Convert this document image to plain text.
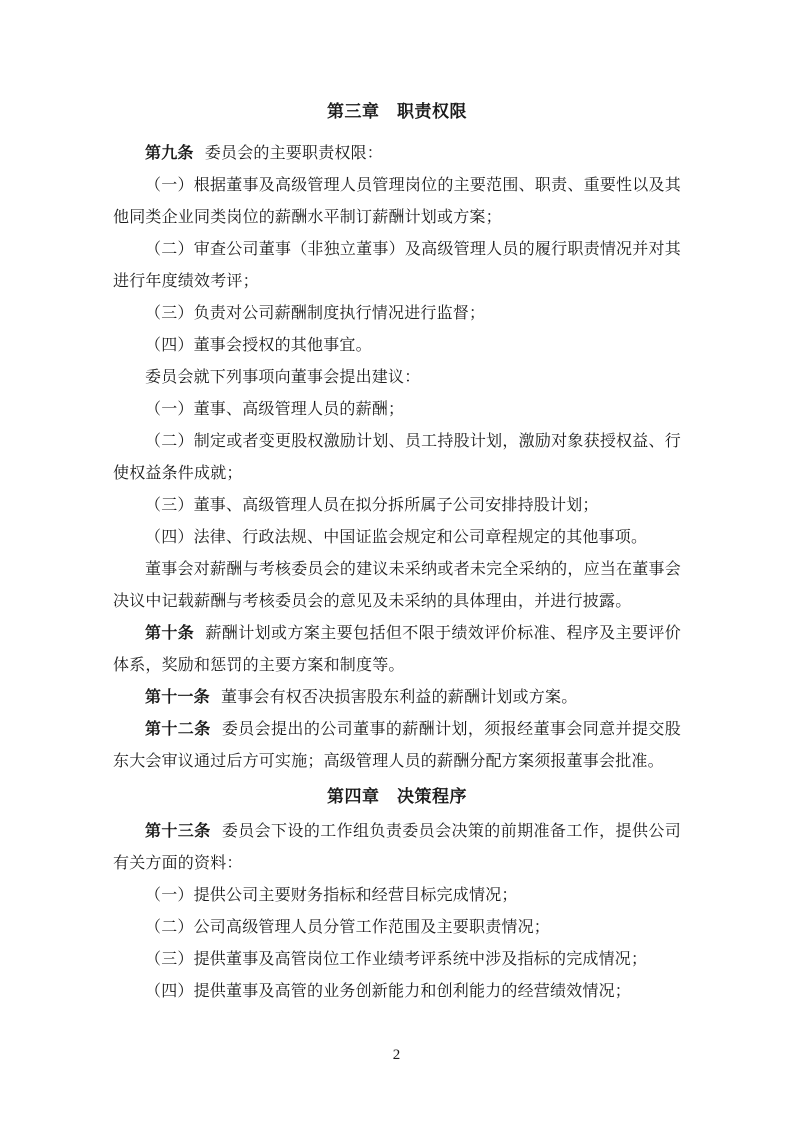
第三章　职责权限

第九条 委员会的主要职责权限：

（一）根据董事及高级管理人员管理岗位的主要范围、职责、重要性以及其他同类企业同类岗位的薪酬水平制订薪酬计划或方案；

（二）审查公司董事（非独立董事）及高级管理人员的履行职责情况并对其进行年度绩效考评；

（三）负责对公司薪酬制度执行情况进行监督；

（四）董事会授权的其他事宜。

委员会就下列事项向董事会提出建议：

（一）董事、高级管理人员的薪酬；

（二）制定或者变更股权激励计划、员工持股计划，激励对象获授权益、行使权益条件成就；

（三）董事、高级管理人员在拟分拆所属子公司安排持股计划；

（四）法律、行政法规、中国证监会规定和公司章程规定的其他事项。

董事会对薪酬与考核委员会的建议未采纳或者未完全采纳的，应当在董事会决议中记载薪酬与考核委员会的意见及未采纳的具体理由，并进行披露。

第十条 薪酬计划或方案主要包括但不限于绩效评价标准、程序及主要评价体系，奖励和惩罚的主要方案和制度等。

第十一条 董事会有权否决损害股东利益的薪酬计划或方案。

第十二条 委员会提出的公司董事的薪酬计划，须报经董事会同意并提交股东大会审议通过后方可实施；高级管理人员的薪酬分配方案须报董事会批准。

第四章　决策程序

第十三条 委员会下设的工作组负责委员会决策的前期准备工作，提供公司有关方面的资料：

（一）提供公司主要财务指标和经营目标完成情况；

（二）公司高级管理人员分管工作范围及主要职责情况；

（三）提供董事及高管岗位工作业绩考评系统中涉及指标的完成情况；

（四）提供董事及高管的业务创新能力和创利能力的经营绩效情况；

2
